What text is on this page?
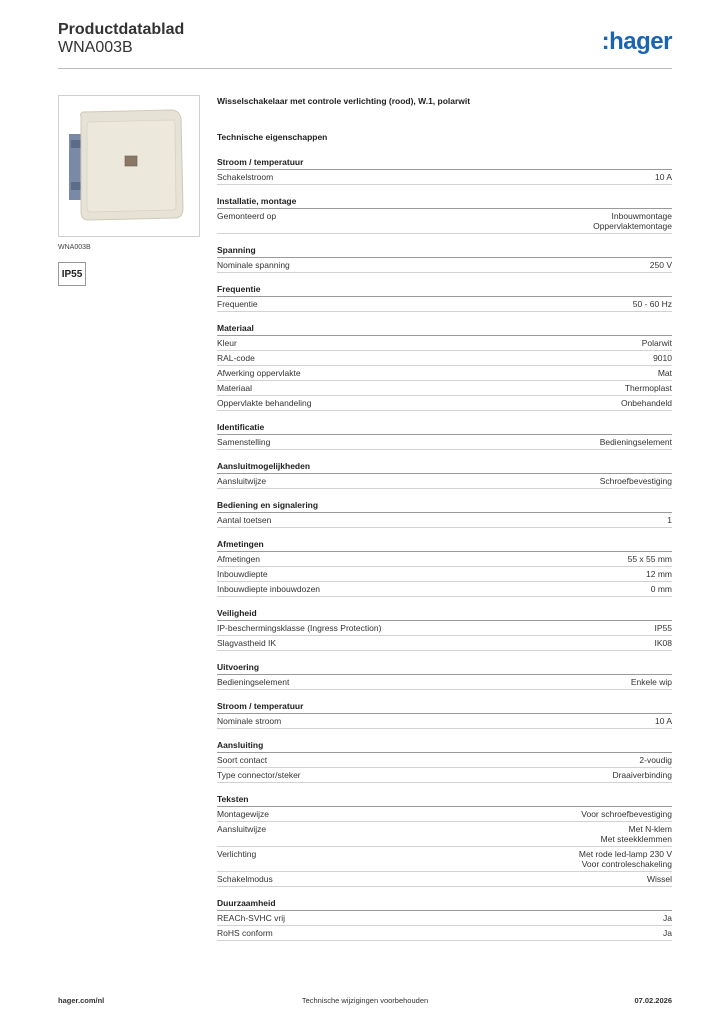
Productdatablad
WNA003B	:hager
WNA003B
IP55
Wisselschakelaar met controle verlichting (rood), W.1, polarwit
Technische eigenschappen
Stroom / temperatuur
Schakelstroom	10 A
Installatie, montage
Gemonteerd op	Inbouwmontage
Oppervlaktemontage
Spanning
Nominale spanning	250 V
Frequentie
Frequentie	50 - 60 Hz
Materiaal
Kleur	Polarwit
RAL-code	9010
Afwerking oppervlakte	Mat
Materiaal	Thermoplast
Oppervlakte behandeling	Onbehandeld
Identificatie
Samenstelling	Bedieningselement
Aansluitmogelijkheden
Aansluitwijze	Schroefbevestiging
Bediening en signalering
Aantal toetsen	1
Afmetingen
Afmetingen	55 x 55 mm
Inbouwdiepte	12 mm
Inbouwdiepte inbouwdozen	0 mm
Veiligheid
IP-beschermingsklasse (Ingress Protection)	IP55
Slagvastheid IK	IK08
Uitvoering
Bedieningselement	Enkele wip
Stroom / temperatuur
Nominale stroom	10 A
Aansluiting
Soort contact	2-voudig
Type connector/steker	Draaiverbinding
Teksten
Montagewijze	Voor schroefbevestiging
Aansluitwijze	Met N-klem
Met steekklemmen
Verlichting	Met rode led-lamp 230 V
Voor controleschakeling
Schakelmodus	Wissel
Duurzaamheid
REACh-SVHC vrij	Ja
RoHS conform	Ja
hager.com/nl	Technische wijzigingen voorbehouden	07.02.2026
